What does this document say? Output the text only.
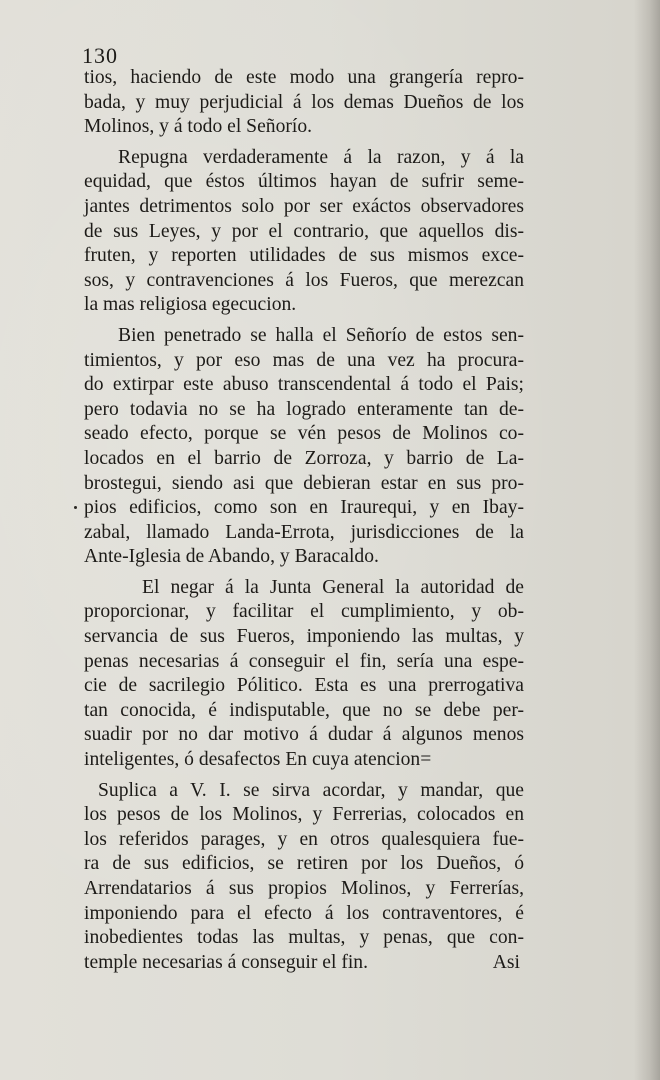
130
tios, haciendo de este modo una grangería repro-
bada, y muy perjudicial á los demas Dueños de los
Molinos, y á todo el Señorío.
Repugna verdaderamente á la razon, y á la
equidad, que éstos últimos hayan de sufrir seme-
jantes detrimentos solo por ser exáctos observadores
de sus Leyes, y por el contrario, que aquellos dis-
fruten, y reporten utilidades de sus mismos exce-
sos, y contravenciones á los Fueros, que merezcan
la mas religiosa egecucion.
Bien penetrado se halla el Señorío de estos sen-
timientos, y por eso mas de una vez ha procura-
do extirpar este abuso transcendental á todo el Pais;
pero todavia no se ha logrado enteramente tan de-
seado efecto, porque se vén pesos de Molinos co-
locados en el barrio de Zorroza, y barrio de La-
brostegui, siendo asi que debieran estar en sus pro-
pios edificios, como son en Iraurequi, y en Ibay-
zabal, llamado Landa-Errota, jurisdicciones de la
Ante-Iglesia de Abando, y Baracaldo.
El negar á la Junta General la autoridad de
proporcionar, y facilitar el cumplimiento, y ob-
servancia de sus Fueros, imponiendo las multas, y
penas necesarias á conseguir el fin, sería una espe-
cie de sacrilegio Pólitico. Esta es una prerrogativa
tan conocida, é indisputable, que no se debe per-
suadir por no dar motivo á dudar á algunos menos
inteligentes, ó desafectos En cuya atencion=
Suplica a V. I. se sirva acordar, y mandar, que
los pesos de los Molinos, y Ferrerias, colocados en
los referidos parages, y en otros qualesquiera fue-
ra de sus edificios, se retiren por los Dueños, ó
Arrendatarios á sus propios Molinos, y Ferrerías,
imponiendo para el efecto á los contraventores, é
inobedientes todas las multas, y penas, que con-
temple necesarias á conseguir el fin.	Asi
